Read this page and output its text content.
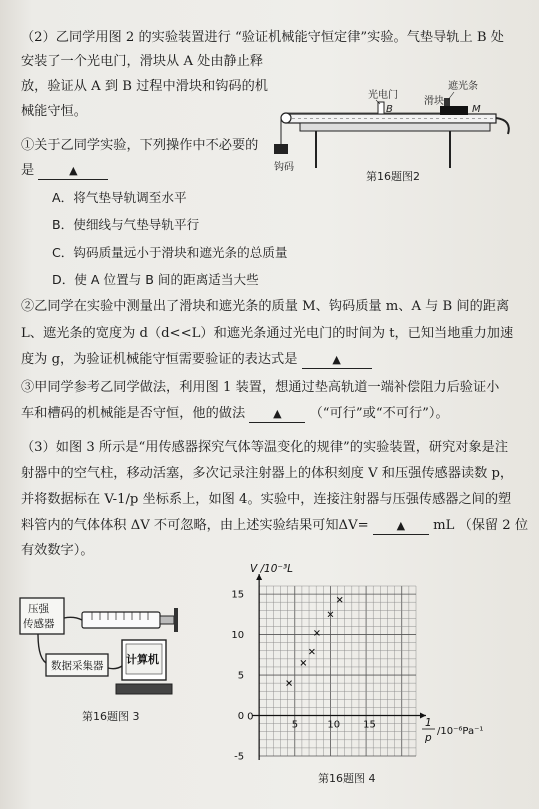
（2）乙同学用图 2 的实验装置进行 “验证机械能守恒定律”实验。气垫导轨上 B 处
安装了一个光电门，滑块从 A 处由静止释
放，验证从 A 到 B 过程中滑块和钩码的机
械能守恒。
①关于乙同学实验，下列操作中不必要的
是	▲
A．将气垫导轨调至水平
B．使细线与气垫导轨平行
C．钩码质量远小于滑块和遮光条的总质量
D．使 A 位置与 B 间的距离适当大些
②乙同学在实验中测量出了滑块和遮光条的质量 M、钩码质量 m、A 与 B 间的距离
L、遮光条的宽度为 d（d<<L）和遮光条通过光电门的时间为 t，已知当地重力加速
度为 g，为验证机械能守恒需要验证的表达式是	▲
③甲同学参考乙同学做法，利用图 1 装置，想通过垫高轨道一端补偿阻力后验证小
车和槽码的机械能是否守恒，他的做法	▲ （“可行”或“不可行”）。
（3）如图 3 所示是“用传感器探究气体等温变化的规律”的实验装置，研究对象是注
射器中的空气柱，移动活塞，多次记录注射器上的体积刻度 V 和压强传感器读数 p，
并将数据标在 V-1/p 坐标系上，如图 4。实验中，连接注射器与压强传感器之间的塑
料管内的气体体积 ΔV 不可忽略，由上述实验结果可知ΔV=	▲ mL （保留 2 位
有效数字）。
光电门
B
遮光条
滑块
M
钩码
第16题图2
压强
传感器
数据采集器 计算机
第16题图 3
5	10 15
-5
0
5
10
15
0
V /10⁻³L
1
p
/10⁻⁶Pa⁻¹
第16题图 4
